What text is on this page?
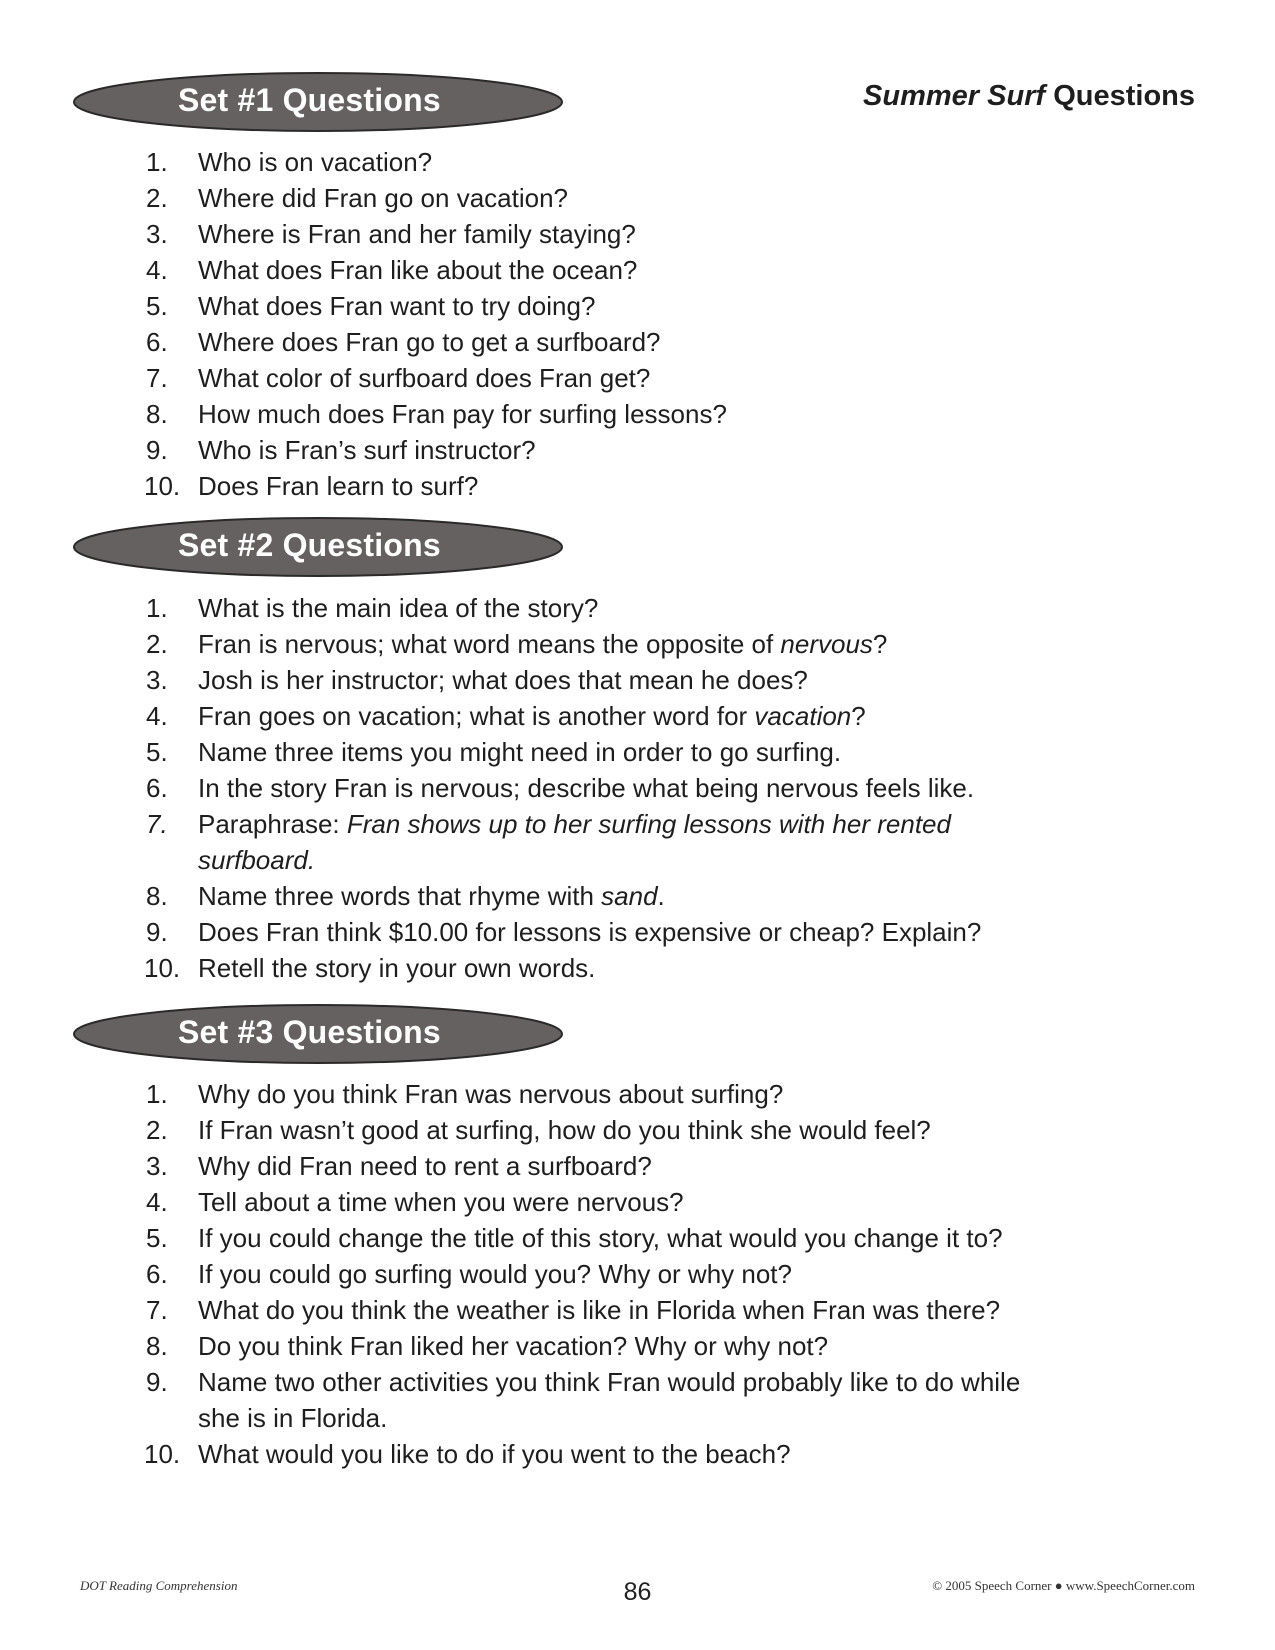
Summer Surf Questions
Set #1 Questions
1. Who is on vacation?
2. Where did Fran go on vacation?
3. Where is Fran and her family staying?
4. What does Fran like about the ocean?
5. What does Fran want to try doing?
6. Where does Fran go to get a surfboard?
7. What color of surfboard does Fran get?
8. How much does Fran pay for surfing lessons?
9. Who is Fran’s surf instructor?
10. Does Fran learn to surf?
Set #2 Questions
1. What is the main idea of the story?
2. Fran is nervous; what word means the opposite of nervous?
3. Josh is her instructor; what does that mean he does?
4. Fran goes on vacation; what is another word for vacation?
5. Name three items you might need in order to go surfing.
6. In the story Fran is nervous; describe what being nervous feels like.
7. Paraphrase: Fran shows up to her surfing lessons with her rented
surfboard.
8. Name three words that rhyme with sand.
9. Does Fran think $10.00 for lessons is expensive or cheap? Explain?
10. Retell the story in your own words.
Set #3 Questions
1. Why do you think Fran was nervous about surfing?
2. If Fran wasn’t good at surfing, how do you think she would feel?
3. Why did Fran need to rent a surfboard?
4. Tell about a time when you were nervous?
5. If you could change the title of this story, what would you change it to?
6. If you could go surfing would you? Why or why not?
7. What do you think the weather is like in Florida when Fran was there?
8. Do you think Fran liked her vacation? Why or why not?
9. Name two other activities you think Fran would probably like to do while
she is in Florida.
10. What would you like to do if you went to the beach?
DOT Reading Comprehension	86	© 2005 Speech Corner ● www.SpeechCorner.com
